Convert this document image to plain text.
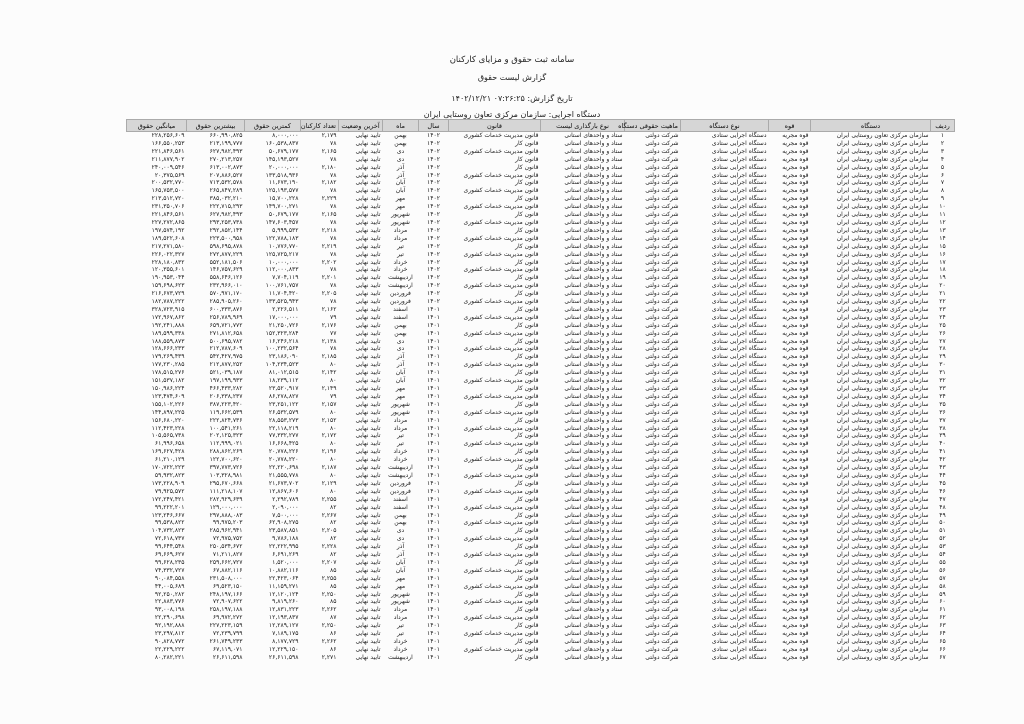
سامانه ثبت حقوق و مزایای کارکنان
گزارش لیست حقوق
تاریخ گزارش: ۰۷:۲۶:۲۵ ۱۴۰۲/۱۲/۲۱
دستگاه اجرایی: سازمان مرکزی تعاون روستایی ایران
ردیف	دستگاه	قوه	نوع دستگاه	ماهیت حقوقی دستگاه	نوع بارگذاری لیست	قانون	سال	ماه	آخرین وضعیت	تعداد کارکنان	کمترین حقوق	بیشترین حقوق	میانگین حقوق
۱	سازمان مرکزی تعاون روستایی ایران	قوه مجریه	دستگاه اجرایی ستادی	شرکت دولتی	ستاد و واحدهای استانی	قانون مدیریت خدمات کشوری	۱۴۰۲	بهمن	تایید نهایی	۲,۱۷۹	۸,۰۰۰,۰۰۰	۶۶۰,۹۹۰,۸۲۵	۲۲۸,۲۵۶,۶۰۹
۲	سازمان مرکزی تعاون روستایی ایران	قوه مجریه	دستگاه اجرایی ستادی	شرکت دولتی	ستاد و واحدهای استانی	قانون کار	۱۴۰۲	بهمن	تایید نهایی	۷۸	۱۶۰,۵۳۸,۸۳۷	۲۱۳,۱۹۹,۷۷۷	۱۶۶,۵۵۰,۲۵۳
۳	سازمان مرکزی تعاون روستایی ایران	قوه مجریه	دستگاه اجرایی ستادی	شرکت دولتی	ستاد و واحدهای استانی	قانون مدیریت خدمات کشوری	۱۴۰۲	دی	تایید نهایی	۲,۱۶۵	۵۰,۶۷۹,۱۷۷	۶۲۷,۹۸۲,۴۹۳	۲۲۱,۸۴۶,۵۶۱
۴	سازمان مرکزی تعاون روستایی ایران	قوه مجریه	دستگاه اجرایی ستادی	شرکت دولتی	ستاد و واحدهای استانی	قانون کار	۱۴۰۲	دی	تایید نهایی	۷۸	۱۴۵,۱۹۳,۵۲۷	۲۷۰,۲۱۳,۲۵۷	۲۱۱,۸۷۷,۹۰۲
۵	سازمان مرکزی تعاون روستایی ایران	قوه مجریه	دستگاه اجرایی ستادی	شرکت دولتی	ستاد و واحدهای استانی	قانون کار	۱۴۰۲	آذر	تایید نهایی	۲,۱۸۰	۲۰,۰۰۰,۰۰۰	۶۱۳,۰۰۲,۸۷۳	۲۴۰,۰۰۹,۵۴۶
۶	سازمان مرکزی تعاون روستایی ایران	قوه مجریه	دستگاه اجرایی ستادی	شرکت دولتی	ستاد و واحدهای استانی	قانون مدیریت خدمات کشوری	۱۴۰۲	آذر	تایید نهایی	۷۸	۱۳۳,۵۱۸,۹۳۶	۲۰۷,۸۸۶,۵۲۷	۲۰,۳۷۵,۵۶۹
۷	سازمان مرکزی تعاون روستایی ایران	قوه مجریه	دستگاه اجرایی ستادی	شرکت دولتی	ستاد و واحدهای استانی	قانون کار	۱۴۰۲	آبان	تایید نهایی	۲,۱۸۲	۱۱,۶۷۳,۱۹۰	۷۱۳,۵۳۲,۵۷۸	۲۰۰,۵۳۲,۷۷۰
۸	سازمان مرکزی تعاون روستایی ایران	قوه مجریه	دستگاه اجرایی ستادی	شرکت دولتی	ستاد و واحدهای استانی	قانون مدیریت خدمات کشوری	۱۴۰۲	آبان	تایید نهایی	۷۸	۱۲۵,۱۹۳,۵۷۷	۲۶۵,۸۴۷,۲۸۹	۱۶۵,۷۵۳,۵۰۰
۹	سازمان مرکزی تعاون روستایی ایران	قوه مجریه	دستگاه اجرایی ستادی	شرکت دولتی	ستاد و واحدهای استانی	قانون کار	۱۴۰۲	مهر	تایید نهایی	۲,۲۲۹	۱۵,۷۰۰,۲۲۸	۳۸۵,۰۳۲,۲۱۰	۲۱۳,۵۱۲,۷۲۰
۱۰	سازمان مرکزی تعاون روستایی ایران	قوه مجریه	دستگاه اجرایی ستادی	شرکت دولتی	ستاد و واحدهای استانی	قانون مدیریت خدمات کشوری	۱۴۰۲	مهر	تایید نهایی	۷۸	۱۴۹,۷۰۰,۲۷۱	۲۲۲,۷۱۵,۲۹۳	۲۳۱,۳۵۰,۷۰۶
۱۱	سازمان مرکزی تعاون روستایی ایران	قوه مجریه	دستگاه اجرایی ستادی	شرکت دولتی	ستاد و واحدهای استانی	قانون کار	۱۴۰۲	شهریور	تایید نهایی	۲,۱۶۵	۵۰,۶۷۹,۱۷۷	۶۲۷,۹۸۲,۴۹۳	۲۲۱,۸۴۶,۵۶۱
۱۲	سازمان مرکزی تعاون روستایی ایران	قوه مجریه	دستگاه اجرایی ستادی	شرکت دولتی	ستاد و واحدهای استانی	قانون مدیریت خدمات کشوری	۱۴۰۲	شهریور	تایید نهایی	۷۸	۱۴۷,۶۰۳,۴۵۷	۲۹۳,۲۵۳,۷۳۸	۲۲۷,۲۷۲,۸۶۵
۱۳	سازمان مرکزی تعاون روستایی ایران	قوه مجریه	دستگاه اجرایی ستادی	شرکت دولتی	ستاد و واحدهای استانی	قانون کار	۱۴۰۲	مرداد	تایید نهایی	۲,۲۱۸	۵,۹۹۹,۵۳۲	۲۹۲,۸۵۲,۱۴۴	۱۹۷,۵۷۴,۱۹۲
۱۴	سازمان مرکزی تعاون روستایی ایران	قوه مجریه	دستگاه اجرایی ستادی	شرکت دولتی	ستاد و واحدهای استانی	قانون مدیریت خدمات کشوری	۱۴۰۲	مرداد	تایید نهایی	۷۸	۱۲۲,۷۸۸,۱۸۳	۲۲۳,۵۰۰,۹۵۸	۱۸۹,۵۲۲,۶۰۸
۱۵	سازمان مرکزی تعاون روستایی ایران	قوه مجریه	دستگاه اجرایی ستادی	شرکت دولتی	ستاد و واحدهای استانی	قانون کار	۱۴۰۲	تیر	تایید نهایی	۲,۲۱۹	۱۰,۷۷۶,۷۷۰	۵۹۸,۶۹۵,۸۷۸	۲۱۷,۲۷۱,۵۸۰
۱۶	سازمان مرکزی تعاون روستایی ایران	قوه مجریه	دستگاه اجرایی ستادی	شرکت دولتی	ستاد و واحدهای استانی	قانون مدیریت خدمات کشوری	۱۴۰۲	تیر	تایید نهایی	۷۸	۱۲۵,۷۲۵,۲۱۷	۲۷۲,۸۷۷,۲۲۹	۲۲۶,۰۲۲,۳۲۷
۱۷	سازمان مرکزی تعاون روستایی ایران	قوه مجریه	دستگاه اجرایی ستادی	شرکت دولتی	ستاد و واحدهای استانی	قانون کار	۱۴۰۲	خرداد	تایید نهایی	۲,۲۰۲	۱۰,۰۰۰,۰۰۰	۵۵۲,۱۸۱,۵۰۶	۲۲۸,۱۸۰,۸۳۲
۱۸	سازمان مرکزی تعاون روستایی ایران	قوه مجریه	دستگاه اجرایی ستادی	شرکت دولتی	ستاد و واحدهای استانی	قانون مدیریت خدمات کشوری	۱۴۰۲	خرداد	تایید نهایی	۷۸	۱۱۲,۰۰۰,۸۳۳	۱۴۶,۷۵۷,۶۲۹	۱۲۰,۳۵۵,۶۰۱
۱۹	سازمان مرکزی تعاون روستایی ایران	قوه مجریه	دستگاه اجرایی ستادی	شرکت دولتی	ستاد و واحدهای استانی	قانون کار	۱۴۰۲	اردیبهشت	تایید نهایی	۲,۲۰۱	۷,۷۰۴,۱۱۹	۵۵۸,۶۴۶,۱۲۶	۱۹۰,۹۵۳,۰۴۴
۲۰	سازمان مرکزی تعاون روستایی ایران	قوه مجریه	دستگاه اجرایی ستادی	شرکت دولتی	ستاد و واحدهای استانی	قانون مدیریت خدمات کشوری	۱۴۰۲	اردیبهشت	تایید نهایی	۷۸	۱۰۰,۷۶۱,۷۵۷	۲۳۲,۹۶۶,۰۱۰	۱۵۹,۶۹۸,۶۲۳
۲۱	سازمان مرکزی تعاون روستایی ایران	قوه مجریه	دستگاه اجرایی ستادی	شرکت دولتی	ستاد و واحدهای استانی	قانون کار	۱۴۰۲	فروردین	تایید نهایی	۲,۲۰۵	۱۱,۷۰۴,۴۲۰	۵۷۰,۹۷۱,۱۷۰	۲۱۶,۶۷۳,۷۲۹
۲۲	سازمان مرکزی تعاون روستایی ایران	قوه مجریه	دستگاه اجرایی ستادی	شرکت دولتی	ستاد و واحدهای استانی	قانون مدیریت خدمات کشوری	۱۴۰۲	فروردین	تایید نهایی	۷۸	۱۳۳,۵۲۵,۹۴۳	۲۸۵,۹۰۵,۲۶۰	۱۸۲,۷۸۷,۲۲۲
۲۳	سازمان مرکزی تعاون روستایی ایران	قوه مجریه	دستگاه اجرایی ستادی	شرکت دولتی	ستاد و واحدهای استانی	قانون کار	۱۴۰۱	اسفند	تایید نهایی	۲,۱۶۲	۲,۲۲۶,۵۱۱	۶۰۰,۳۳۳,۸۷۶	۳۲۸,۷۲۳,۹۱۵
۲۴	سازمان مرکزی تعاون روستایی ایران	قوه مجریه	دستگاه اجرایی ستادی	شرکت دولتی	ستاد و واحدهای استانی	قانون مدیریت خدمات کشوری	۱۴۰۱	اسفند	تایید نهایی	۷۹	۱۷,۰۰۰,۰۰۰	۲۵۶,۷۸۹,۹۶۹	۱۷۲,۹۶۷,۸۶۲
۲۵	سازمان مرکزی تعاون روستایی ایران	قوه مجریه	دستگاه اجرایی ستادی	شرکت دولتی	ستاد و واحدهای استانی	قانون کار	۱۴۰۱	بهمن	تایید نهایی	۲,۱۷۶	۲۱,۲۵۰,۷۲۶	۶۵۹,۷۲۱,۷۷۲	۱۹۲,۲۴۱,۸۸۸
۲۶	سازمان مرکزی تعاون روستایی ایران	قوه مجریه	دستگاه اجرایی ستادی	شرکت دولتی	ستاد و واحدهای استانی	قانون مدیریت خدمات کشوری	۱۴۰۱	بهمن	تایید نهایی	۷۷	۱۵۲,۳۲۳,۲۸۴	۲۷۱,۸۱۲,۶۵۸	۱۸۹,۵۹۹,۳۳۸
۲۷	سازمان مرکزی تعاون روستایی ایران	قوه مجریه	دستگاه اجرایی ستادی	شرکت دولتی	ستاد و واحدهای استانی	قانون کار	۱۴۰۱	دی	تایید نهایی	۲,۱۳۸	۱۶,۲۴۶,۲۱۸	۵۰۰,۶۹۵,۷۸۲	۱۸۸,۵۵۹,۸۷۳
۲۸	سازمان مرکزی تعاون روستایی ایران	قوه مجریه	دستگاه اجرایی ستادی	شرکت دولتی	ستاد و واحدهای استانی	قانون مدیریت خدمات کشوری	۱۴۰۱	دی	تایید نهایی	۷۸	۱۰۰,۲۳۲,۵۶۴	۲۱۲,۷۸۷,۶۰۹	۱۲۸,۶۶۶,۲۳۳
۲۹	سازمان مرکزی تعاون روستایی ایران	قوه مجریه	دستگاه اجرایی ستادی	شرکت دولتی	ستاد و واحدهای استانی	قانون کار	۱۴۰۱	آذر	تایید نهایی	۲,۱۸۵	۲۳,۱۸۶,۰۹۰	۵۴۲,۴۲۷,۹۷۵	۱۷۹,۲۶۹,۴۳۹
۳۰	سازمان مرکزی تعاون روستایی ایران	قوه مجریه	دستگاه اجرایی ستادی	شرکت دولتی	ستاد و واحدهای استانی	قانون مدیریت خدمات کشوری	۱۴۰۱	آذر	تایید نهایی	۸۰	۱۰۴,۲۳۴,۵۲۳	۲۱۲,۸۷۷,۲۵۲	۱۷۷,۲۳۰,۲۸۵
۳۱	سازمان مرکزی تعاون روستایی ایران	قوه مجریه	دستگاه اجرایی ستادی	شرکت دولتی	ستاد و واحدهای استانی	قانون کار	۱۴۰۱	آبان	تایید نهایی	۲,۱۴۲	۸۱,۰۱۲,۵۱۵	۵۲۱,۰۳۹,۱۸۷	۱۷۸,۵۱۵,۲۷۶
۳۲	سازمان مرکزی تعاون روستایی ایران	قوه مجریه	دستگاه اجرایی ستادی	شرکت دولتی	ستاد و واحدهای استانی	قانون مدیریت خدمات کشوری	۱۴۰۱	آبان	تایید نهایی	۸۰	۱۸,۲۳۹,۱۱۲	۱۹۷,۱۹۹,۹۳۳	۱۵۱,۵۳۷,۱۸۲
۳۳	سازمان مرکزی تعاون روستایی ایران	قوه مجریه	دستگاه اجرایی ستادی	شرکت دولتی	ستاد و واحدهای استانی	قانون کار	۱۴۰۱	مهر	تایید نهایی	۲,۱۴۹	۲۳,۵۲۰,۹۱۷	۴۶۶,۴۳۳,۲۸۲	۱۵۰,۹۸۶,۲۲۴
۳۴	سازمان مرکزی تعاون روستایی ایران	قوه مجریه	دستگاه اجرایی ستادی	شرکت دولتی	ستاد و واحدهای استانی	قانون مدیریت خدمات کشوری	۱۴۰۱	مهر	تایید نهایی	۷۹	۸۶,۲۷۸,۸۲۷	۲۰۶,۳۳۸,۲۳۷	۱۲۳,۴۷۴,۶۰۹
۳۵	سازمان مرکزی تعاون روستایی ایران	قوه مجریه	دستگاه اجرایی ستادی	شرکت دولتی	ستاد و واحدهای استانی	قانون کار	۱۴۰۱	شهریور	تایید نهایی	۲,۱۵۷	۲۳,۲۵۱,۱۲۲	۳۸۷,۲۲۳,۴۲۰	۱۵۵,۱۰۲,۲۲۶
۳۶	سازمان مرکزی تعاون روستایی ایران	قوه مجریه	دستگاه اجرایی ستادی	شرکت دولتی	ستاد و واحدهای استانی	قانون مدیریت خدمات کشوری	۱۴۰۱	شهریور	تایید نهایی	۸۰	۲۶,۵۳۲,۵۷۹	۱۱۹,۶۶۲,۵۳۹	۱۴۴,۸۹۷,۲۲۵
۳۷	سازمان مرکزی تعاون روستایی ایران	قوه مجریه	دستگاه اجرایی ستادی	شرکت دولتی	ستاد و واحدهای استانی	قانون کار	۱۴۰۱	مرداد	تایید نهایی	۲,۱۵۲	۲۸,۵۵۳,۲۷۳	۲۲۲,۸۲۴,۷۳۶	۱۵۶,۶۸۰,۲۲۰
۳۸	سازمان مرکزی تعاون روستایی ایران	قوه مجریه	دستگاه اجرایی ستادی	شرکت دولتی	ستاد و واحدهای استانی	قانون مدیریت خدمات کشوری	۱۴۰۱	مرداد	تایید نهایی	۸۰	۲۲,۱۱۸,۲۱۹	۱۰۰,۵۴۱,۲۶۱	۱۱۲,۴۲۳,۲۲۸
۳۹	سازمان مرکزی تعاون روستایی ایران	قوه مجریه	دستگاه اجرایی ستادی	شرکت دولتی	ستاد و واحدهای استانی	قانون کار	۱۴۰۱	تیر	تایید نهایی	۲,۱۷۲	۷۷,۳۳۲,۲۷۷	۲۰۲,۱۲۵,۳۲۳	۱۰۵,۵۶۵,۷۳۸
۴۰	سازمان مرکزی تعاون روستایی ایران	قوه مجریه	دستگاه اجرایی ستادی	شرکت دولتی	ستاد و واحدهای استانی	قانون مدیریت خدمات کشوری	۱۴۰۱	تیر	تایید نهایی	۸۰	۱۶,۶۶۸,۴۲۵	۱۱۲,۹۹۹,۰۲۱	۶۱,۹۹۶,۶۵۸
۴۱	سازمان مرکزی تعاون روستایی ایران	قوه مجریه	دستگاه اجرایی ستادی	شرکت دولتی	ستاد و واحدهای استانی	قانون کار	۱۴۰۱	خرداد	تایید نهایی	۲,۱۹۶	۲۰,۷۷۸,۲۲۶	۲۸۸,۸۶۲,۲۶۹	۱۶۹,۶۲۷,۴۲۸
۴۲	سازمان مرکزی تعاون روستایی ایران	قوه مجریه	دستگاه اجرایی ستادی	شرکت دولتی	ستاد و واحدهای استانی	قانون مدیریت خدمات کشوری	۱۴۰۱	خرداد	تایید نهایی	۸۰	۲۰,۷۷۸,۲۲۰	۱۲۲,۷۰۰,۶۲۰	۶۱,۲۱۰,۱۲۹
۴۳	سازمان مرکزی تعاون روستایی ایران	قوه مجریه	دستگاه اجرایی ستادی	شرکت دولتی	ستاد و واحدهای استانی	قانون کار	۱۴۰۱	اردیبهشت	تایید نهایی	۲,۱۸۷	۲۲,۲۲۰,۶۹۸	۳۹۷,۷۷۳,۷۲۶	۱۷۰,۷۲۲,۲۲۳
۴۴	سازمان مرکزی تعاون روستایی ایران	قوه مجریه	دستگاه اجرایی ستادی	شرکت دولتی	ستاد و واحدهای استانی	قانون مدیریت خدمات کشوری	۱۴۰۱	اردیبهشت	تایید نهایی	۸۰	۲۱,۵۵۵,۷۷۸	۱۰۳,۳۲۸,۹۸۱	۵۹,۹۳۲,۸۲۳
۴۵	سازمان مرکزی تعاون روستایی ایران	قوه مجریه	دستگاه اجرایی ستادی	شرکت دولتی	ستاد و واحدهای استانی	قانون کار	۱۴۰۱	فروردین	تایید نهایی	۲,۱۲۹	۲۱,۶۷۳,۷۰۲	۲۹۵,۶۷۰,۶۶۸	۱۷۳,۲۲۸,۹۰۹
۴۶	سازمان مرکزی تعاون روستایی ایران	قوه مجریه	دستگاه اجرایی ستادی	شرکت دولتی	ستاد و واحدهای استانی	قانون مدیریت خدمات کشوری	۱۴۰۱	فروردین	تایید نهایی	۸۰	۱۲,۸۶۷,۶۰۶	۱۱۱,۲۱۸,۱۰۷	۷۹,۹۲۵,۵۷۲
۴۷	سازمان مرکزی تعاون روستایی ایران	قوه مجریه	دستگاه اجرایی ستادی	شرکت دولتی	ستاد و واحدهای استانی	قانون کار	۱۴۰۱	اسفند	تایید نهایی	۲,۲۵۵	۲,۲۹۲,۷۸۹	۲۸۲,۹۲۹,۶۳۹	۱۷۲,۲۴۷,۴۲۱
۴۸	سازمان مرکزی تعاون روستایی ایران	قوه مجریه	دستگاه اجرایی ستادی	شرکت دولتی	ستاد و واحدهای استانی	قانون مدیریت خدمات کشوری	۱۴۰۱	اسفند	تایید نهایی	۸۲	۲,۰۹۰,۰۰۰	۱۲۹,۰۰۰,۰۰۰	۹۹,۲۲۲,۲۰۱
۴۹	سازمان مرکزی تعاون روستایی ایران	قوه مجریه	دستگاه اجرایی ستادی	شرکت دولتی	ستاد و واحدهای استانی	قانون کار	۱۴۰۱	بهمن	تایید نهایی	۲,۲۶۷	۷,۵۰۰,۰۰۰	۲۹۷,۸۸۸,۰۸۳	۱۲۳,۲۴۶,۶۶۷
۵۰	سازمان مرکزی تعاون روستایی ایران	قوه مجریه	دستگاه اجرایی ستادی	شرکت دولتی	ستاد و واحدهای استانی	قانون مدیریت خدمات کشوری	۱۴۰۱	بهمن	تایید نهایی	۸۲	۶۲,۹۰۸,۲۷۵	۹۹,۹۷۵,۲۰۳	۹۹,۵۳۸,۸۲۲
۵۱	سازمان مرکزی تعاون روستایی ایران	قوه مجریه	دستگاه اجرایی ستادی	شرکت دولتی	ستاد و واحدهای استانی	قانون کار	۱۴۰۱	دی	تایید نهایی	۲,۲۰۵	۲۳,۵۸۷,۸۵۱	۲۸۵,۹۶۲,۹۴۱	۱۰۴,۷۳۲,۸۲۳
۵۲	سازمان مرکزی تعاون روستایی ایران	قوه مجریه	دستگاه اجرایی ستادی	شرکت دولتی	ستاد و واحدهای استانی	قانون مدیریت خدمات کشوری	۱۴۰۱	دی	تایید نهایی	۸۲	۹,۷۸۶,۱۸۸	۷۲,۹۷۵,۷۵۲	۷۲,۶۱۸,۷۳۷
۵۳	سازمان مرکزی تعاون روستایی ایران	قوه مجریه	دستگاه اجرایی ستادی	شرکت دولتی	ستاد و واحدهای استانی	قانون کار	۱۴۰۱	آذر	تایید نهایی	۲,۲۲۸	۲۲,۲۲۲,۹۹۵	۲۵۰,۵۳۴,۶۷۲	۹۹,۶۴۴,۵۴۸
۵۴	سازمان مرکزی تعاون روستایی ایران	قوه مجریه	دستگاه اجرایی ستادی	شرکت دولتی	ستاد و واحدهای استانی	قانون مدیریت خدمات کشوری	۱۴۰۱	آذر	تایید نهایی	۸۲	۶,۶۹۱,۲۶۹	۷۱,۲۱۱,۸۲۷	۶۹,۶۶۹,۶۲۷
۵۵	سازمان مرکزی تعاون روستایی ایران	قوه مجریه	دستگاه اجرایی ستادی	شرکت دولتی	ستاد و واحدهای استانی	قانون کار	۱۴۰۱	آبان	تایید نهایی	۲,۲۰۷	۱,۵۲۰,۰۰۰	۲۵۹,۶۶۲,۷۲۷	۹۹,۶۲۸,۲۳۵
۵۶	سازمان مرکزی تعاون روستایی ایران	قوه مجریه	دستگاه اجرایی ستادی	شرکت دولتی	ستاد و واحدهای استانی	قانون مدیریت خدمات کشوری	۱۴۰۱	آبان	تایید نهایی	۸۵	۱۰,۸۸۲,۱۱۶	۶۷,۸۸۲,۱۱۶	۷۴,۳۳۲,۷۲۷
۵۷	سازمان مرکزی تعاون روستایی ایران	قوه مجریه	دستگاه اجرایی ستادی	شرکت دولتی	ستاد و واحدهای استانی	قانون کار	۱۴۰۱	مهر	تایید نهایی	۲,۲۵۵	۲۲,۴۲۳,۰۶۴	۲۳۱,۵۰۸,۰۰۰	۹۰,۰۸۴,۵۵۸
۵۸	سازمان مرکزی تعاون روستایی ایران	قوه مجریه	دستگاه اجرایی ستادی	شرکت دولتی	ستاد و واحدهای استانی	قانون مدیریت خدمات کشوری	۱۴۰۱	مهر	تایید نهایی	۸۵	۱۱,۱۵۹,۲۷۱	۶۹,۵۲۳,۱۵۰	۴۴,۰۰۵,۶۸۹
۵۹	سازمان مرکزی تعاون روستایی ایران	قوه مجریه	دستگاه اجرایی ستادی	شرکت دولتی	ستاد و واحدهای استانی	قانون کار	۱۴۰۱	شهریور	تایید نهایی	۲,۲۵۰	۱۲,۱۲۰,۱۲۴	۲۴۸,۱۹۷,۱۶۶	۹۲,۲۵۰,۲۸۲
۶۰	سازمان مرکزی تعاون روستایی ایران	قوه مجریه	دستگاه اجرایی ستادی	شرکت دولتی	ستاد و واحدهای استانی	قانون مدیریت خدمات کشوری	۱۴۰۱	شهریور	تایید نهایی	۸۵	۹,۸۱۹,۲۶۰	۷۲,۹۰۷,۶۲۲	۲۲,۸۸۳,۷۷۶
۶۱	سازمان مرکزی تعاون روستایی ایران	قوه مجریه	دستگاه اجرایی ستادی	شرکت دولتی	ستاد و واحدهای استانی	قانون کار	۱۴۰۱	مرداد	تایید نهایی	۲,۲۶۲	۱۲,۸۳۱,۲۲۳	۲۵۸,۱۹۷,۱۸۸	۹۳,۰۰۸,۱۹۸
۶۲	سازمان مرکزی تعاون روستایی ایران	قوه مجریه	دستگاه اجرایی ستادی	شرکت دولتی	ستاد و واحدهای استانی	قانون مدیریت خدمات کشوری	۱۴۰۱	مرداد	تایید نهایی	۸۷	۱۲,۱۹۳,۸۳۷	۶۹,۹۷۲,۲۷۲	۲۲,۲۹۰,۶۹۸
۶۳	سازمان مرکزی تعاون روستایی ایران	قوه مجریه	دستگاه اجرایی ستادی	شرکت دولتی	ستاد و واحدهای استانی	قانون کار	۱۴۰۱	تیر	تایید نهایی	۲,۲۵۰	۱۲,۲۸۹,۱۲۷	۲۲۷,۲۲۳,۱۵۹	۹۲,۱۹۲,۸۸۸
۶۴	سازمان مرکزی تعاون روستایی ایران	قوه مجریه	دستگاه اجرایی ستادی	شرکت دولتی	ستاد و واحدهای استانی	قانون مدیریت خدمات کشوری	۱۴۰۱	تیر	تایید نهایی	۸۶	۷,۱۸۹,۱۷۵	۷۲,۲۳۹,۷۹۹	۲۳,۲۹۷,۸۱۲
۶۵	سازمان مرکزی تعاون روستایی ایران	قوه مجریه	دستگاه اجرایی ستادی	شرکت دولتی	ستاد و واحدهای استانی	قانون کار	۱۴۰۱	خرداد	تایید نهایی	۲,۲۶۲	۸,۱۷۷,۷۲۹	۲۶۱,۷۴۹,۲۳۳	۹۰,۸۲۸,۷۷۲
۶۶	سازمان مرکزی تعاون روستایی ایران	قوه مجریه	دستگاه اجرایی ستادی	شرکت دولتی	ستاد و واحدهای استانی	قانون مدیریت خدمات کشوری	۱۴۰۱	خرداد	تایید نهایی	۸۶	۱۲,۲۲۹,۱۵۰	۶۷,۱۱۹,۰۷۱	۲۲,۲۲۹,۲۲۲
۶۷	سازمان مرکزی تعاون روستایی ایران	قوه مجریه	دستگاه اجرایی ستادی	شرکت دولتی	ستاد و واحدهای استانی	قانون کار	۱۴۰۱	اردیبهشت	تایید نهایی	۲,۲۷۱	۲۶,۶۱۱,۵۹۸	۲۶,۶۱۱,۵۹۸	۸۰,۲۸۲,۲۲۱
